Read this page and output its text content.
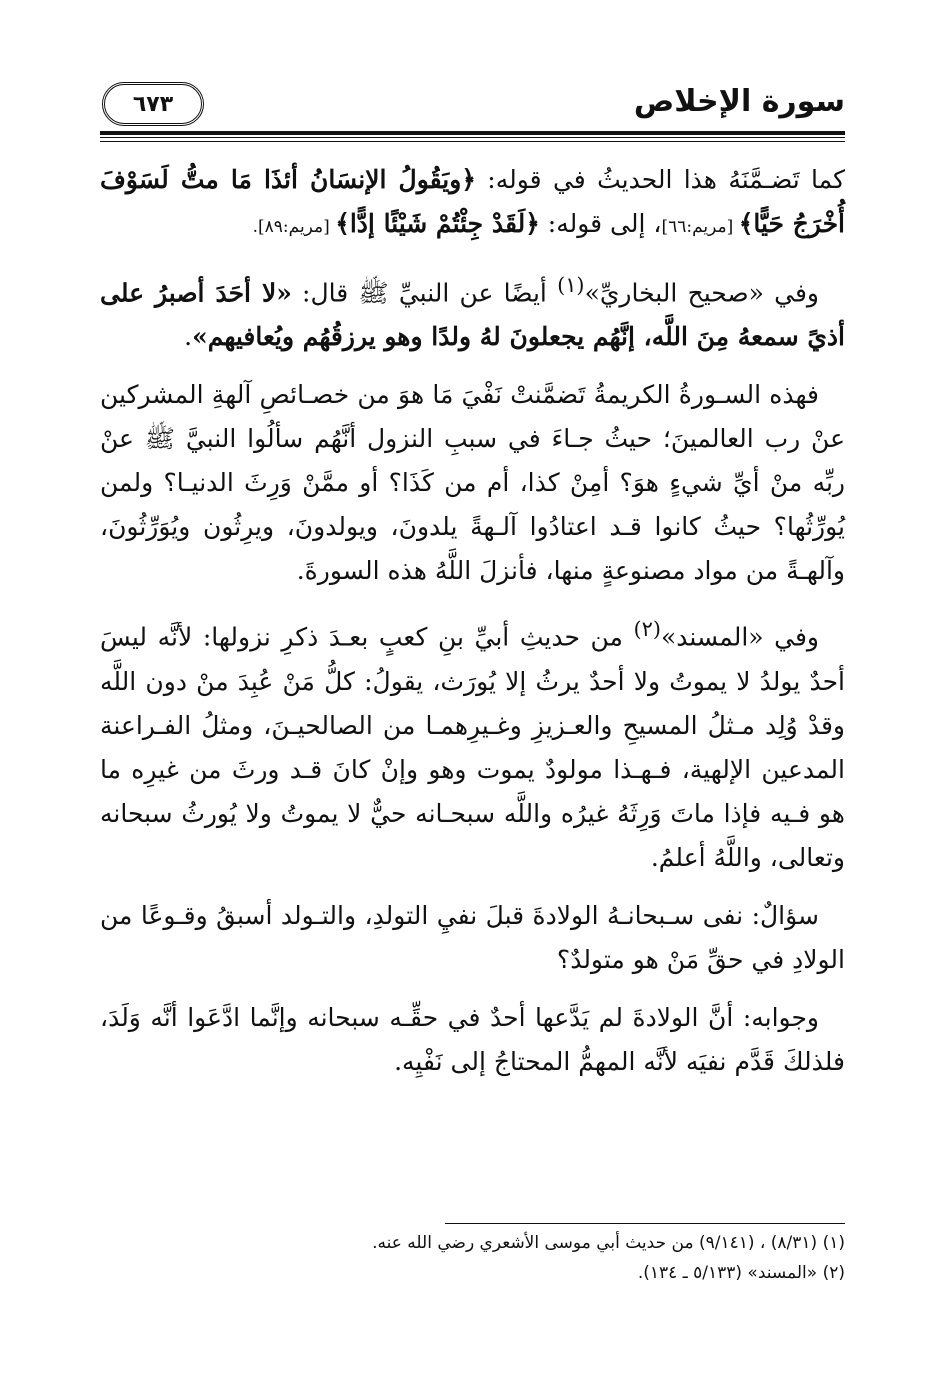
سورة الإخلاص
٦٧٣

كما تَضـمَّنَهُ هذا الحديثُ في قوله: ﴿ويَقُولُ الإنسَانُ أئذَا مَا متُّ لَسَوْفَ أُخْرَجُ حَيًّا﴾ [مريم:٦٦]، إلى قوله: ﴿لَقَدْ جِئْتُمْ شَيْئًا إدًّا﴾ [مريم:٨٩].

وفي «صحيح البخاريِّ»$^{(١)}$ أيضًا عن النبيِّ ﷺ قال: «لا أحَدَ أصبرُ على أذيً سمعهُ مِنَ اللَّه، إنَّهُم يجعلونَ لهُ ولدًا وهو يرزقُهُم ويُعافيهم».

فهذه السـورةُ الكريمةُ تَضمَّنتْ نَفْيَ مَا هوَ من خصـائصِ آلهةِ المشركين عنْ رب العالمينَ؛ حيثُ جـاءَ في سببِ النزول أنَّهُم سألُوا النبيَّ ﷺ عنْ ربِّه منْ أيِّ شيءٍ هوَ؟ أمِنْ كذا، أم من كَذَا؟ أو ممَّنْ وَرِثَ الدنيـا؟ ولمن يُورِّثُها؟ حيثُ كانوا قـد اعتادُوا آلـهةً يلدونَ، ويولدونَ، ويرِثُون ويُوَرِّثُونَ، وآلهـةً من مواد مصنوعةٍ منها، فأنزلَ اللَّهُ هذه السورةَ.

وفي «المسند»$^{(٢)}$ من حديثِ أبيِّ بنِ كعبٍ بعـدَ ذكرِ نزولها: لأنَّه ليسَ أحدٌ يولدُ لا يموتُ ولا أحدٌ يرثُ إلا يُورَث، يقولُ: كلُّ مَنْ عُبِدَ منْ دون اللَّه وقدْ وُلِد مـثلُ المسيحِ والعـزيزِ وغـيرِهمـا من الصالحيـنَ، ومثلُ الفـراعنة المدعين الإلهية، فـهـذا مولودٌ يموت وهو وإنْ كانَ قـد ورثَ من غيرِه ما هو فـيه فإذا ماتَ وَرِثَهُ غيرُه واللَّه سبحـانه حيٌّ لا يموتُ ولا يُورثُ سبحانه وتعالى، واللَّهُ أعلمُ.

سؤالٌ: نفى سـبحانـهُ الولادةَ قبلَ نفيِ التولدِ، والتـولد أسبقُ وقـوعًا من الولادِ في حقِّ مَنْ هو متولدٌ؟

وجوابه: أنَّ الولادةَ لم يَدَّعها أحدٌ في حقِّـه سبحانه وإنَّما ادَّعَوا أنَّه وَلَدَ، فلذلكَ قَدَّم نفيَه لأنَّه المهمُّ المحتاجُ إلى نَفْيِه.

(١) (٨/٣١) ، (٩/١٤١) من حديث أبي موسى الأشعري رضي الله عنه.
(٢) «المسند» (٥/١٣٣ ـ ١٣٤).
